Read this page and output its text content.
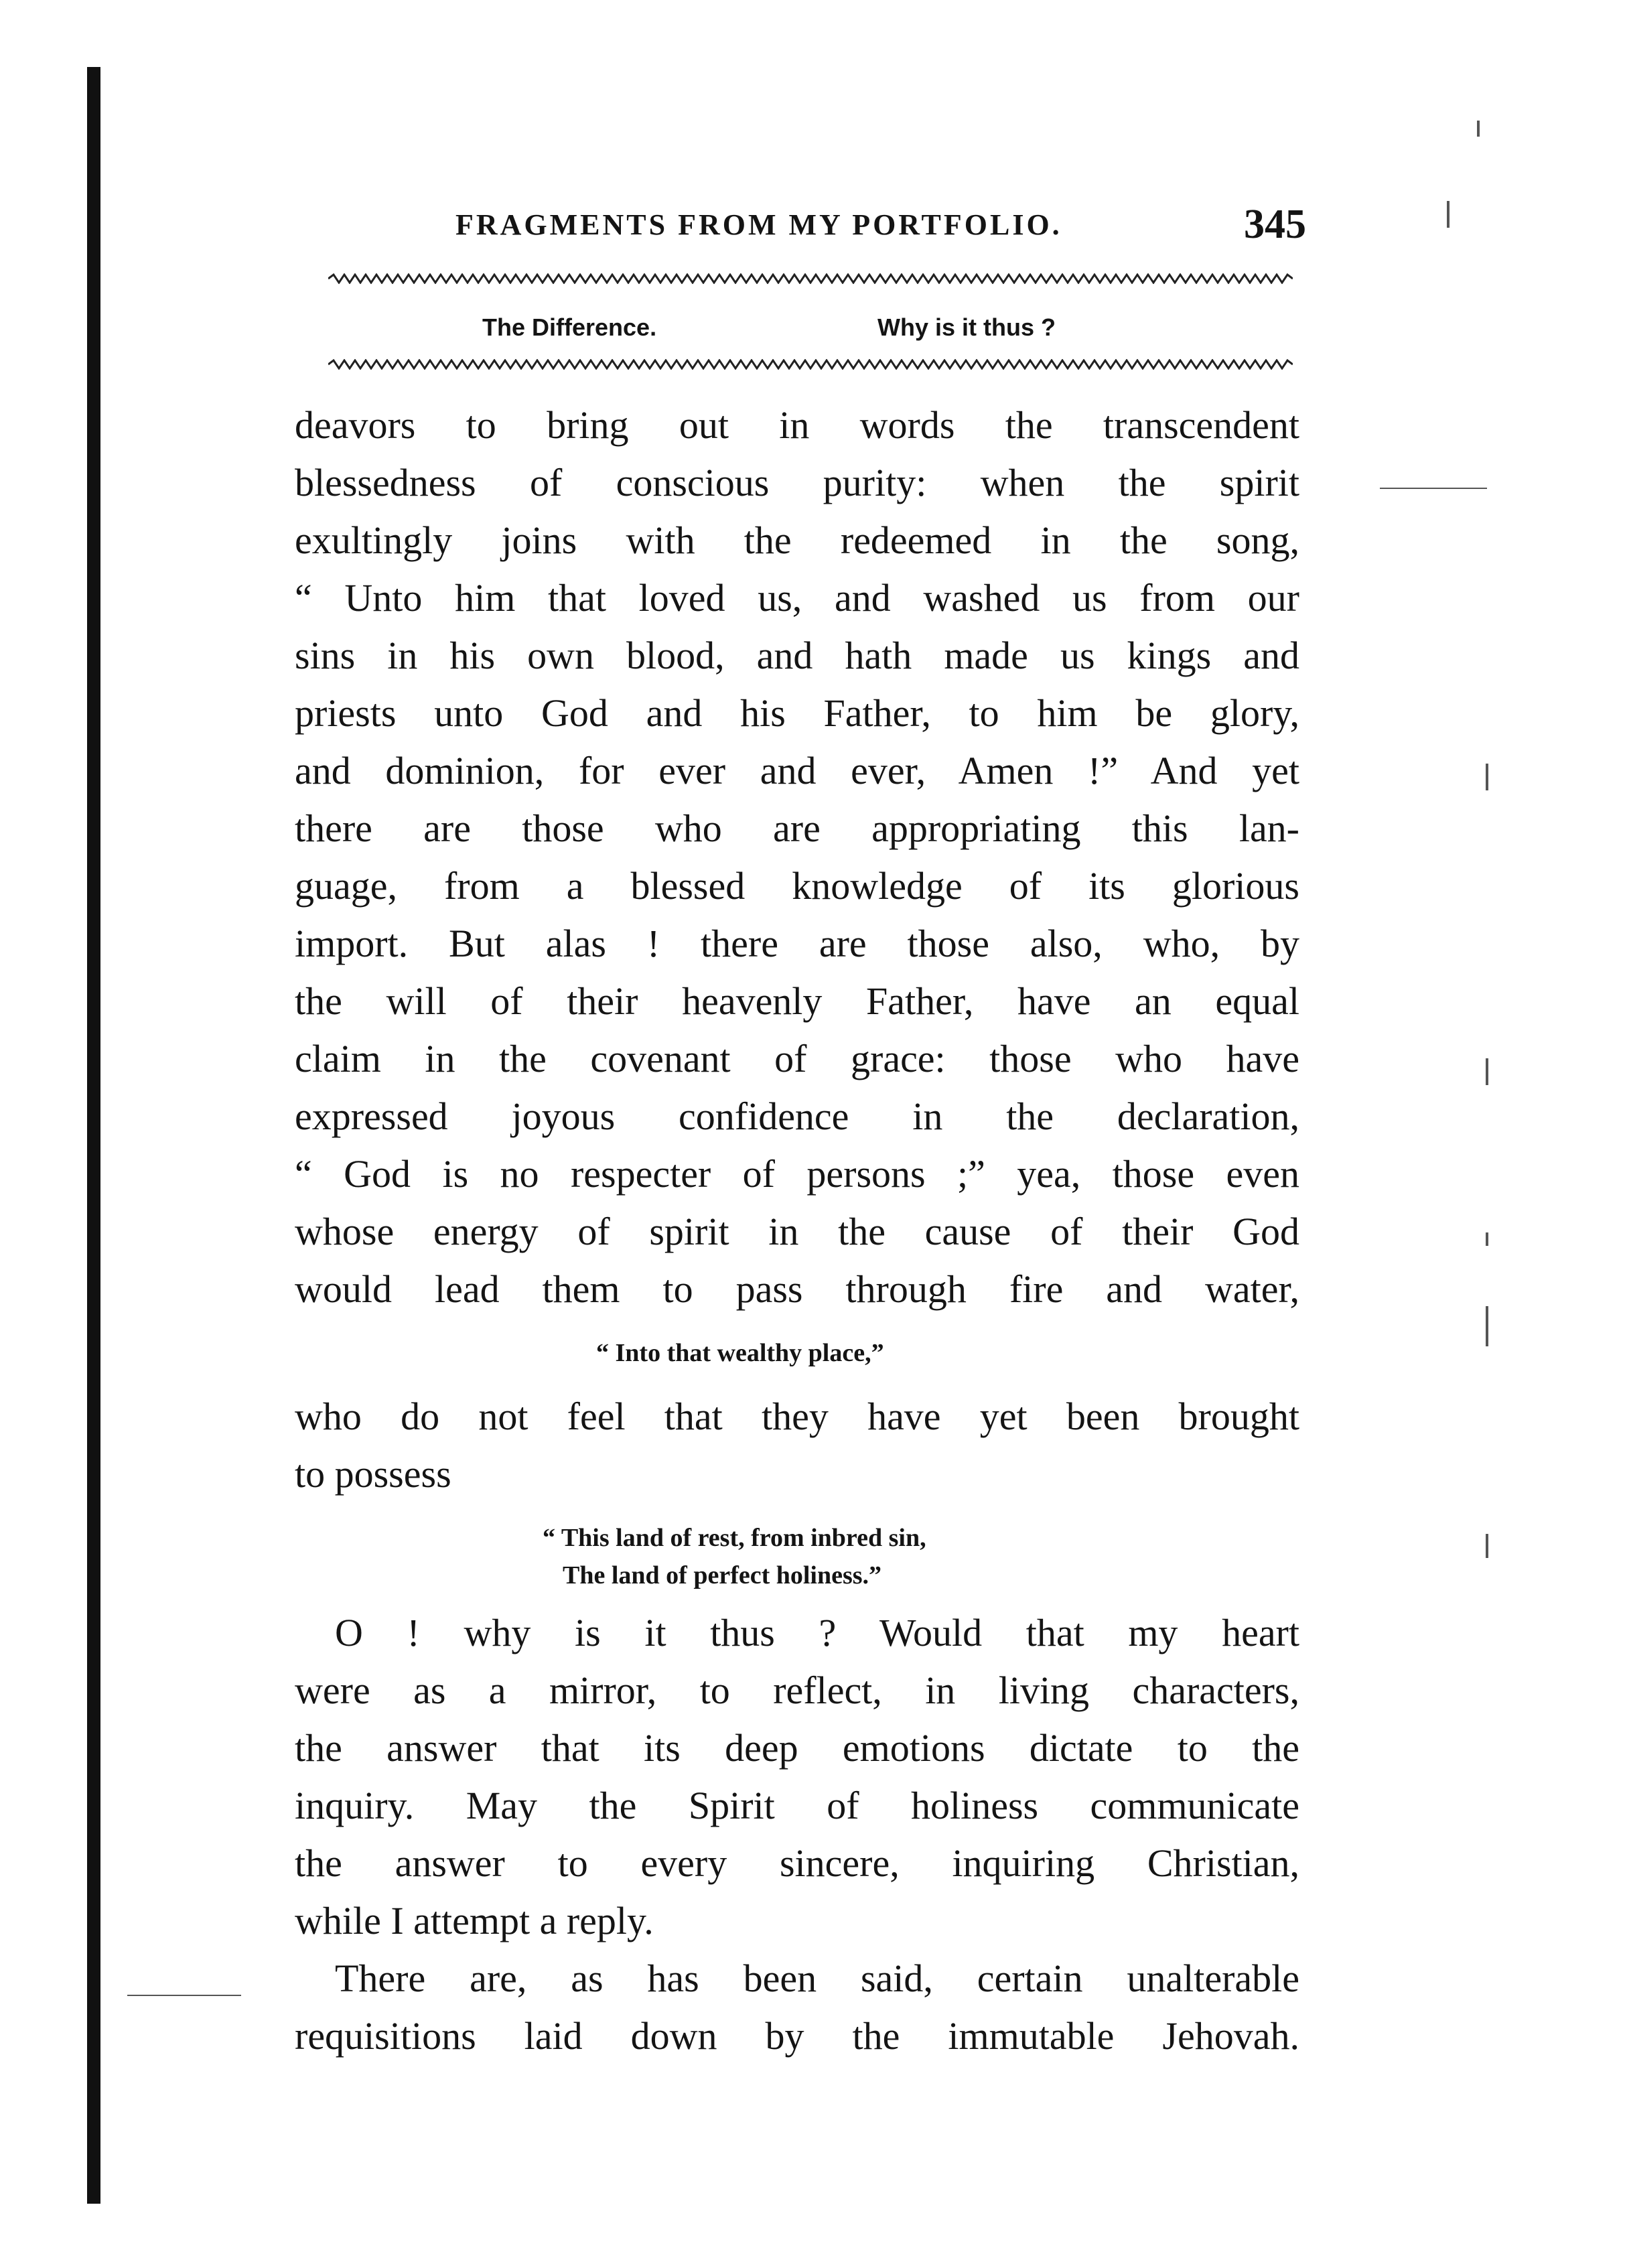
FRAGMENTS FROM MY PORTFOLIO.	345
The Difference.	Why is it thus ?
deavors to bring out in words the transcendent
blessedness of conscious purity: when the spirit
exultingly joins with the redeemed in the song,
“ Unto him that loved us, and washed us from our
sins in his own blood, and hath made us kings and
priests unto God and his Father, to him be glory,
and dominion, for ever and ever, Amen !” And yet
there are those who are appropriating this lan-
guage, from a blessed knowledge of its glorious
import. But alas ! there are those also, who, by
the will of their heavenly Father, have an equal
claim in the covenant of grace: those who have
expressed joyous confidence in the declaration,
“ God is no respecter of persons ;” yea, those even
whose energy of spirit in the cause of their God
would lead them to pass through fire and water,
“ Into that wealthy place,”
who do not feel that they have yet been brought
to possess
“ This land of rest, from inbred sin,
The land of perfect holiness.”
O ! why is it thus ? Would that my heart
were as a mirror, to reflect, in living characters,
the answer that its deep emotions dictate to the
inquiry. May the Spirit of holiness communicate
the answer to every sincere, inquiring Christian,
while I attempt a reply.
There are, as has been said, certain unalterable
requisitions laid down by the immutable Jehovah.
